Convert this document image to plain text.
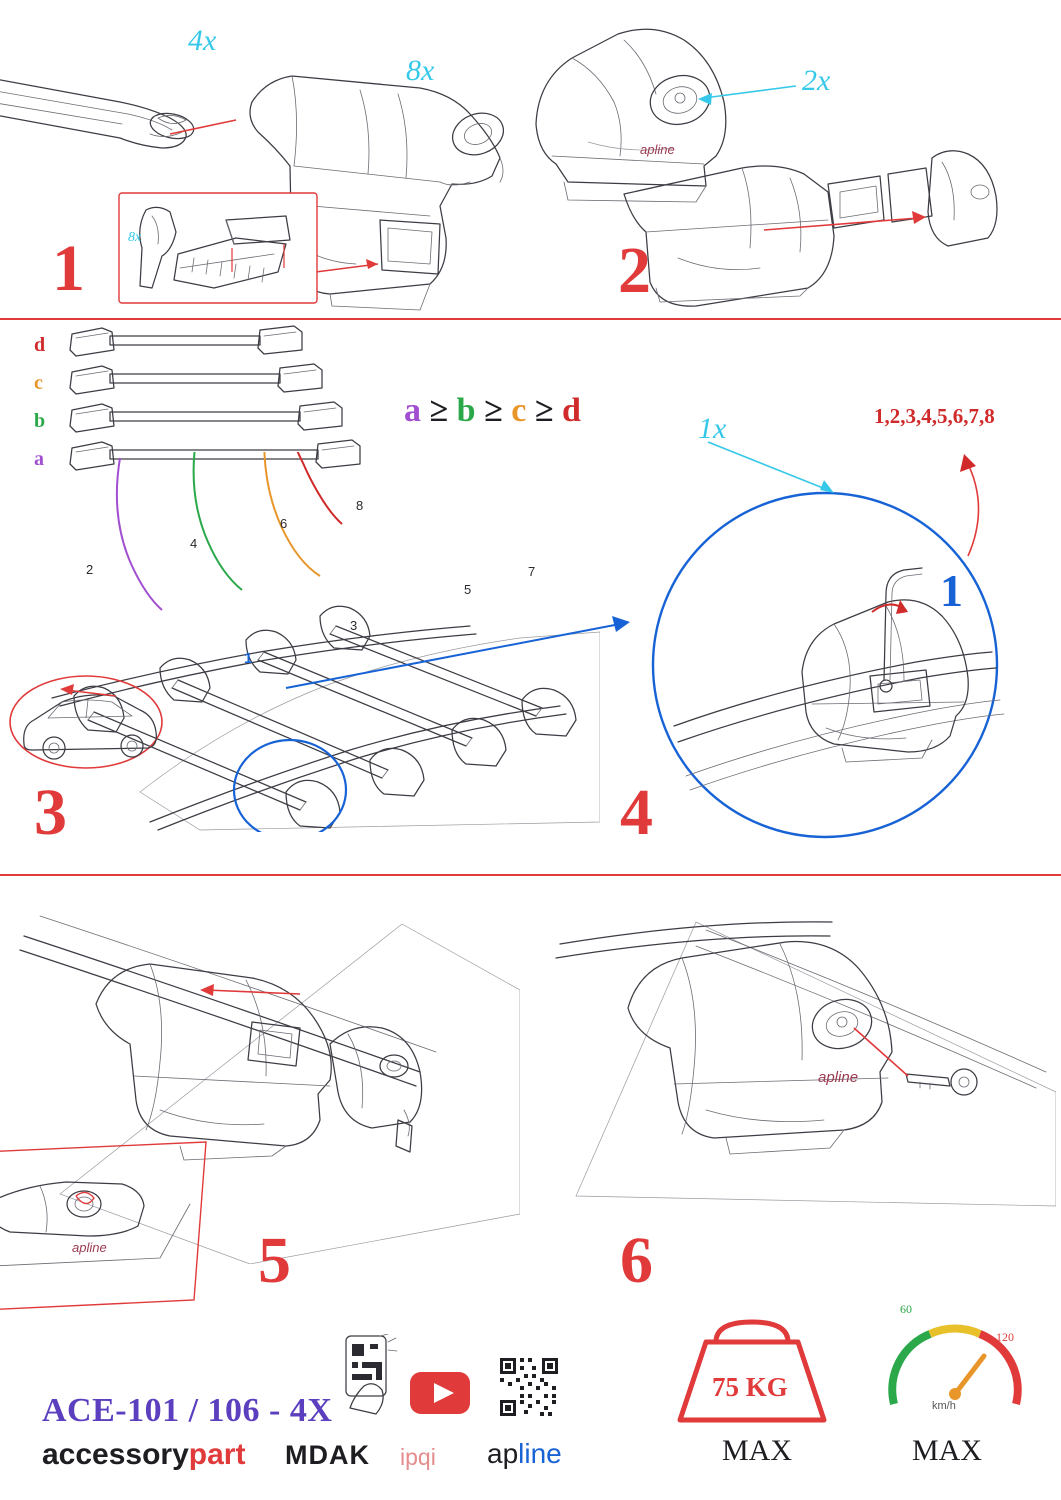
8x
4x
8x
1
apline
2x
2
d
c
b
a
a ≥ b ≥ c ≥ d
2
4
6
8
3
5
7
1
3
1x	1,2,3,4,5,6,7,8
1
4
apline 5
apline
6
ACE-101 / 106 - 4X
accessorypart MDAK ipqi apline
75 KG
MAX
60
120
km/h
MAX
